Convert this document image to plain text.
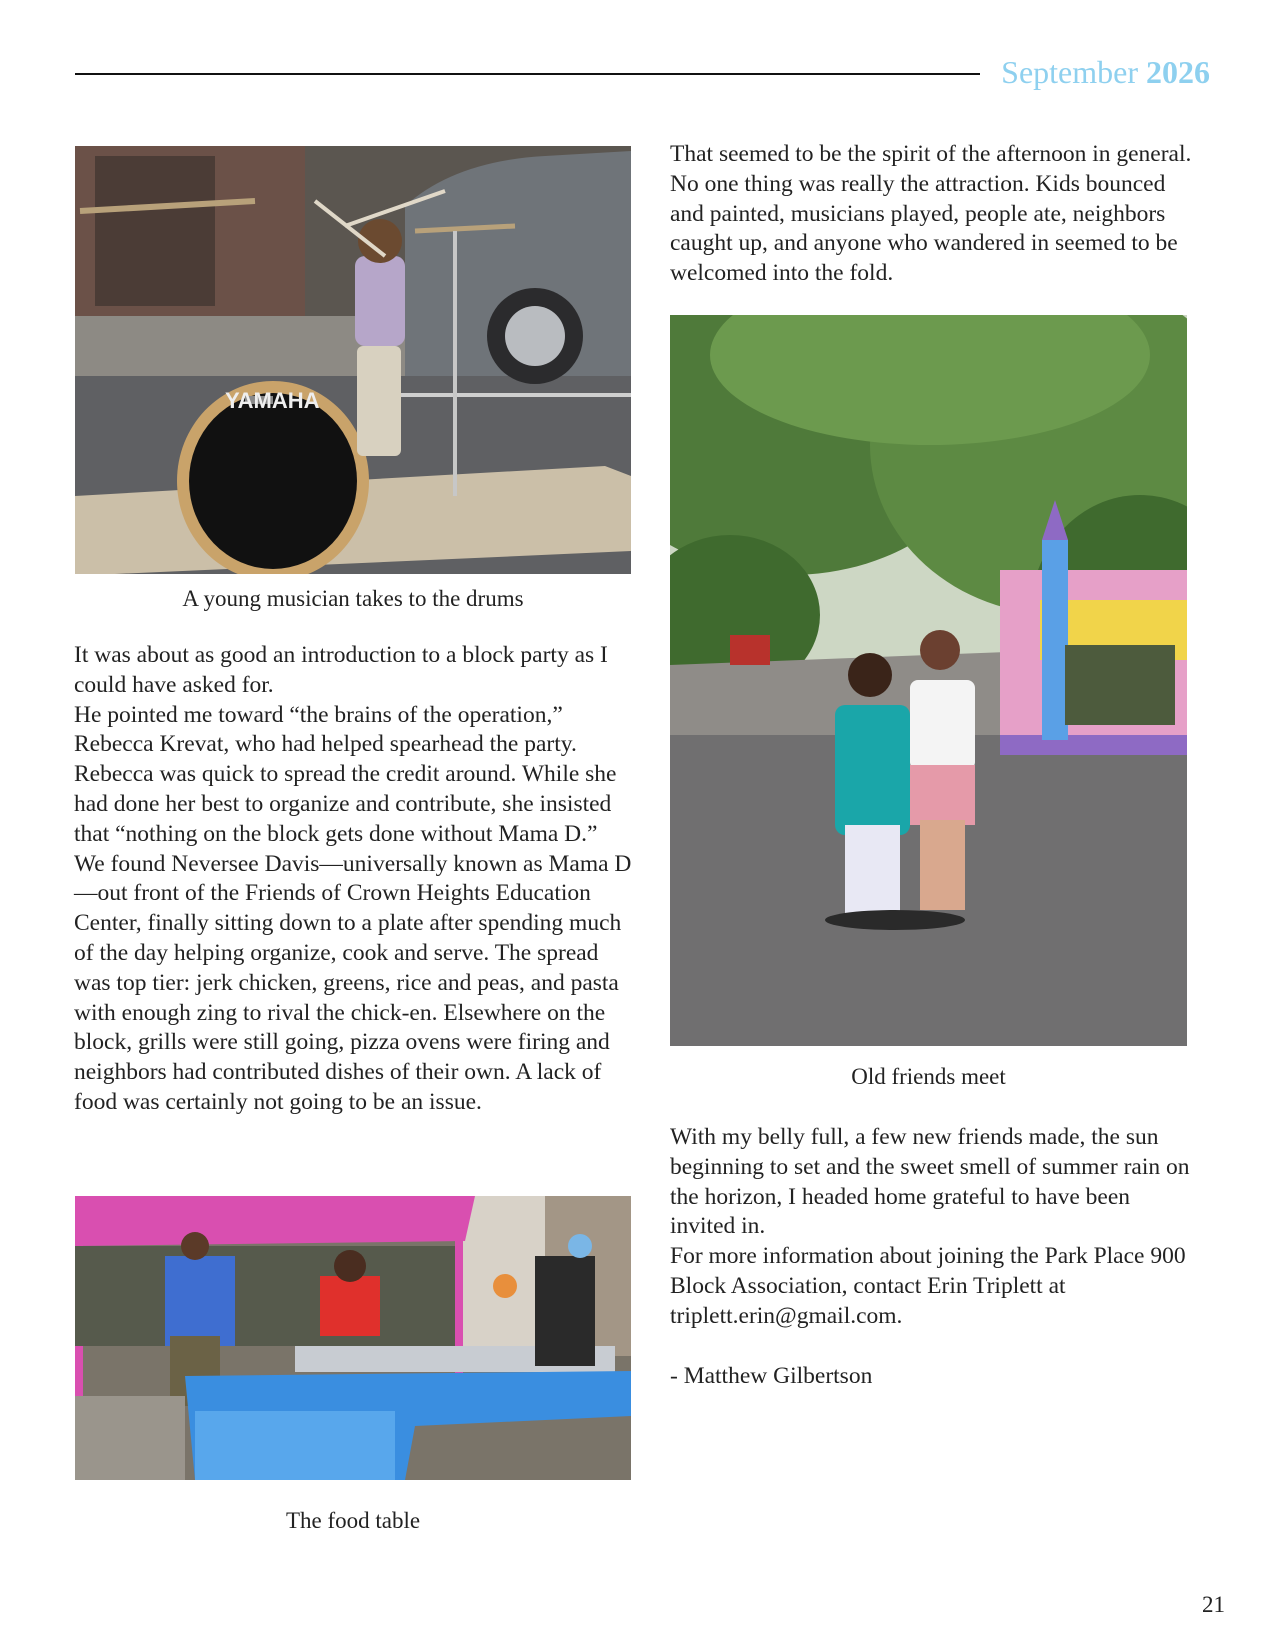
September 2026
YAMAHA
A young musician takes to the drums

It was about as good an introduction to a block party as I could have asked for.

He pointed me toward “the brains of the operation,” Rebecca Krevat, who had helped spearhead the party. Rebecca was quick to spread the credit around. While she had done her best to organize and contribute, she insisted that “nothing on the block gets done without Mama D.”

We found Neversee Davis—universally known as Mama D—out front of the Friends of Crown Heights Education Center, finally sitting down to a plate after spending much of the day helping organize, cook and serve. The spread was top tier: jerk chicken, greens, rice and peas, and pasta with enough zing to rival the chick-en. Elsewhere on the block, grills were still going, pizza ovens were firing and neighbors had contributed dishes of their own. A lack of food was certainly not going to be an issue.

The food table

That seemed to be the spirit of the afternoon in general. No one thing was really the attraction. Kids bounced and painted, musicians played, people ate, neighbors caught up, and anyone who wandered in seemed to be welcomed into the fold.

Old friends meet

With my belly full, a few new friends made, the sun beginning to set and the sweet smell of summer rain on the horizon, I headed home grateful to have been invited in.

For more information about joining the Park Place 900 Block Association, contact Erin Triplett at triplett.erin@gmail.com.

- Matthew Gilbertson

21
